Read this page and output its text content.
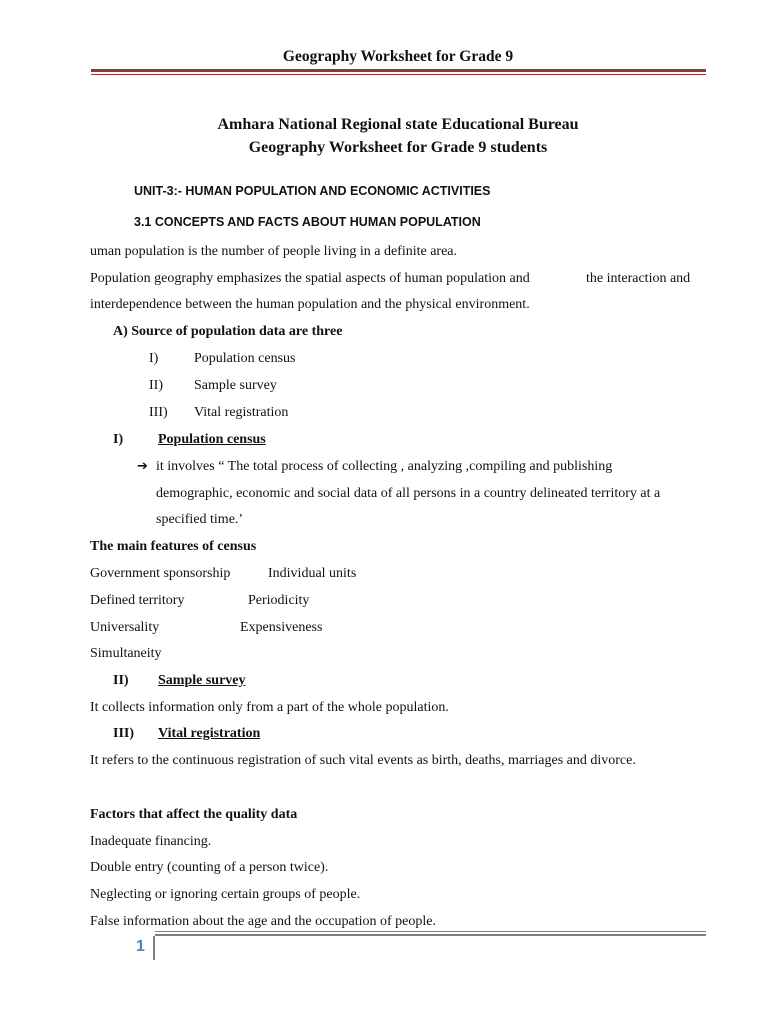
Geography Worksheet for Grade 9
Amhara National Regional state Educational Bureau
Geography Worksheet for Grade 9 students
UNIT-3:- HUMAN POPULATION AND ECONOMIC ACTIVITIES
3.1 CONCEPTS AND FACTS ABOUT HUMAN POPULATION
uman population is the number of people living in a definite area.
Population geography emphasizes the spatial aspects of human population and	the interaction and
interdependence between the human population and the physical environment.
A) Source of population data are three
I)	Population census
II) Sample survey
III) Vital registration
I) Population census
➔ it involves “ The total process of collecting , analyzing ,compiling and publishing
demographic, economic and social data of all persons in a country delineated territory at a
specified time.’
The main features of census
Government sponsorship	Individual units
Defined territory	Periodicity
Universality	Expensiveness
Simultaneity
II) Sample survey
It collects information only from a part of the whole population.
III) Vital registration
It refers to the continuous registration of such vital events as birth, deaths, marriages and divorce.
Factors that affect the quality data
Inadequate financing.
Double entry (counting of a person twice).
Neglecting or ignoring certain groups of people.
False information about the age and the occupation of people.
1
